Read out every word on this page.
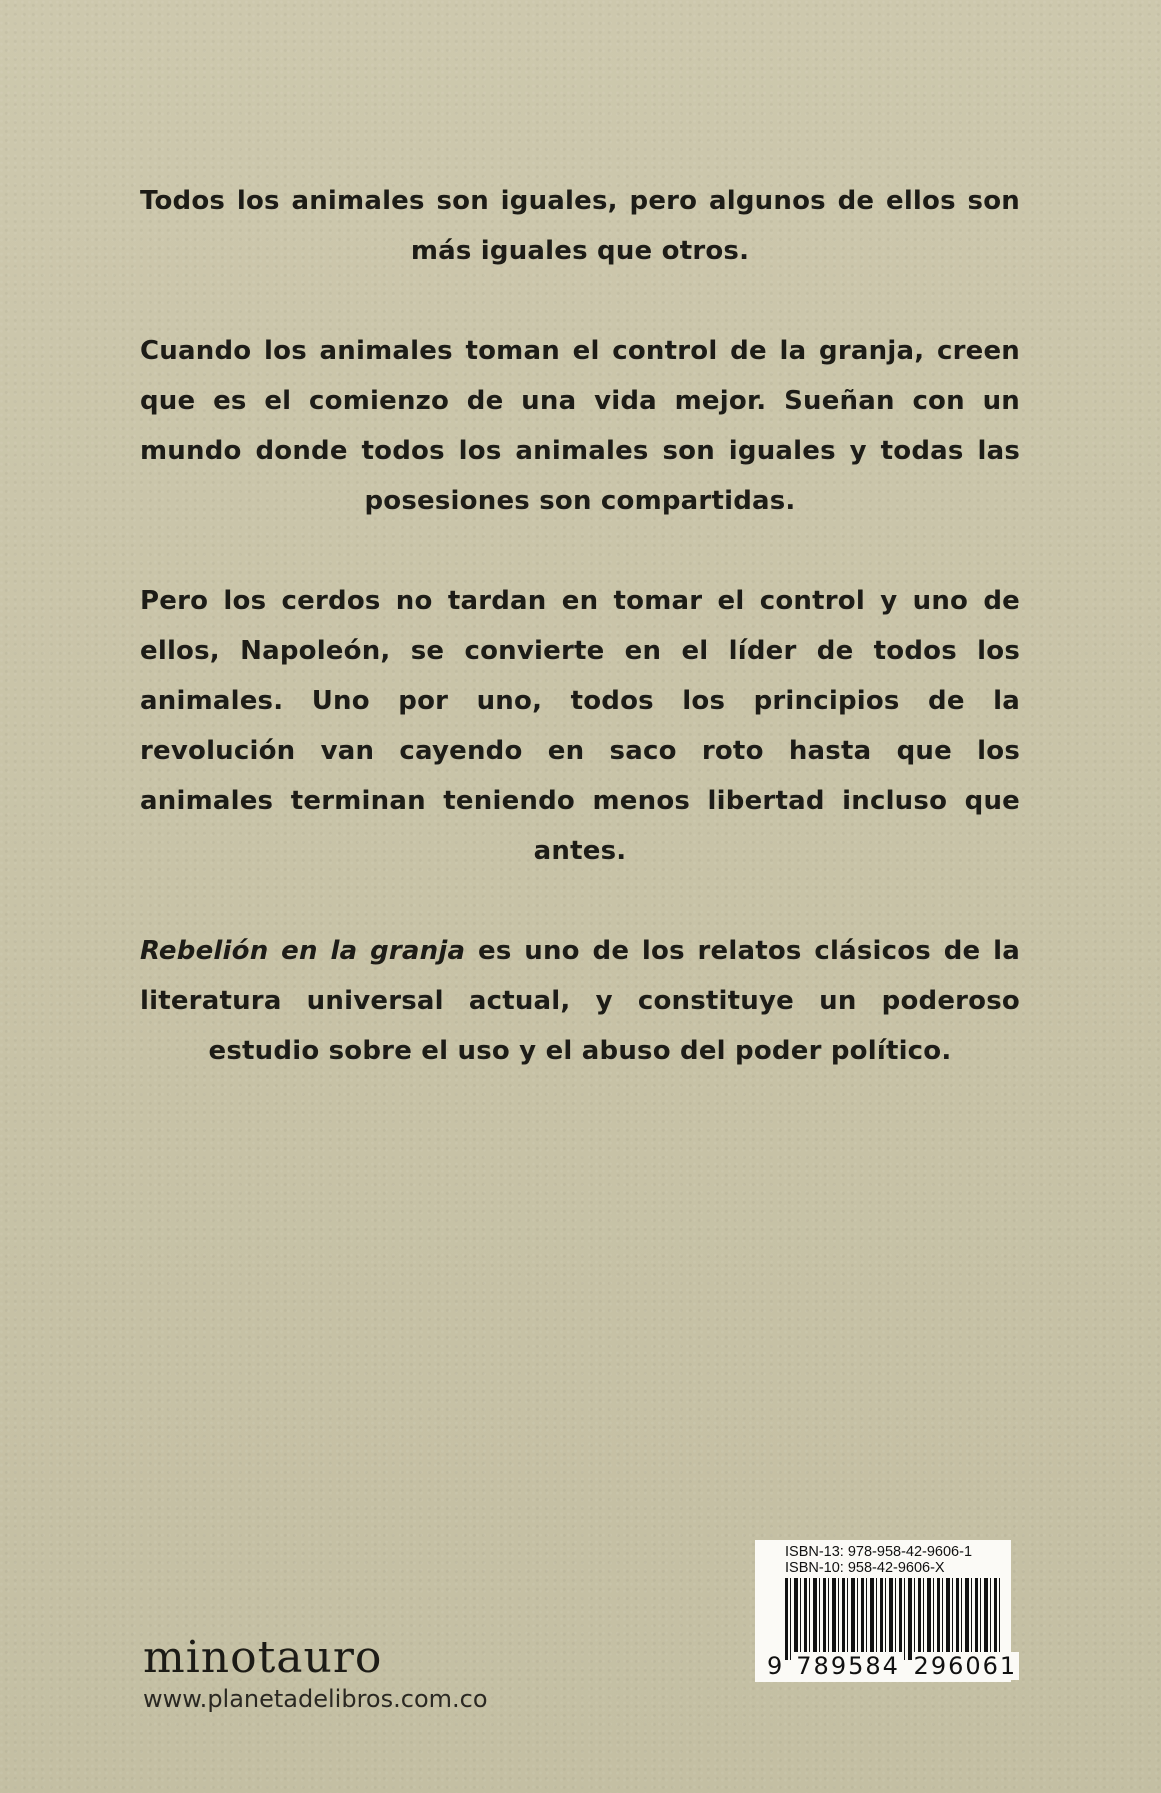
Todos los animales son iguales, pero algunos de ellos son más iguales que otros.

Cuando los animales toman el control de la granja, creen que es el comienzo de una vida mejor. Sueñan con un mundo donde todos los animales son iguales y todas las posesiones son compartidas.

Pero los cerdos no tardan en tomar el control y uno de ellos, Napoleón, se convierte en el líder de todos los animales. Uno por uno, todos los principios de la revolución van cayendo en saco roto hasta que los animales terminan teniendo menos libertad incluso que antes.

Rebelión en la granja es uno de los relatos clásicos de la literatura universal actual, y constituye un poderoso estudio sobre el uso y el abuso del poder político.

minotauro
www.planetadelibros.com.co
ISBN-13: 978-958-42-9606-1
ISBN-10: 958-42-9606-X
9 789584 296061
